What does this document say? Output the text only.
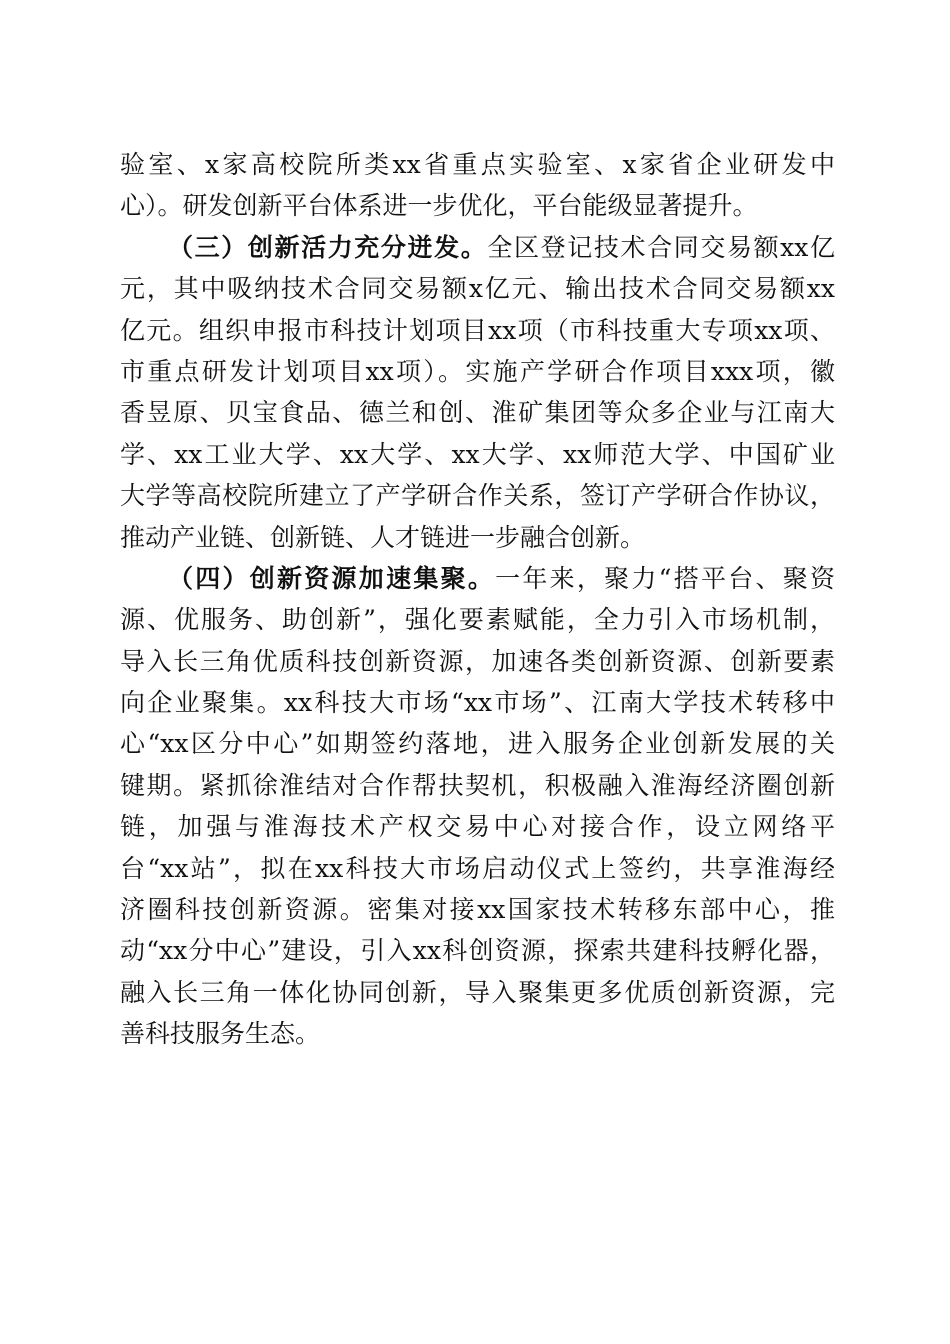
验室、x家高校院所类xx省重点实验室、x家省企业研发中
心）。研发创新平台体系进一步优化，平台能级显著提升。
（三）创新活力充分迸发。全区登记技术合同交易额xx亿
元，其中吸纳技术合同交易额x亿元、输出技术合同交易额xx
亿元。组织申报市科技计划项目xx项（市科技重大专项xx项、
市重点研发计划项目xx项）。实施产学研合作项目xxx项，徽
香昱原、贝宝食品、德兰和创、淮矿集团等众多企业与江南大
学、xx工业大学、xx大学、xx大学、xx师范大学、中国矿业
大学等高校院所建立了产学研合作关系，签订产学研合作协议，
推动产业链、创新链、人才链进一步融合创新。
（四）创新资源加速集聚。一年来，聚力“搭平台、聚资
源、优服务、助创新”，强化要素赋能，全力引入市场机制，
导入长三角优质科技创新资源，加速各类创新资源、创新要素
向企业聚集。xx科技大市场“xx市场”、江南大学技术转移中
心“xx区分中心”如期签约落地，进入服务企业创新发展的关
键期。紧抓徐淮结对合作帮扶契机，积极融入淮海经济圈创新
链，加强与淮海技术产权交易中心对接合作，设立网络平
台“xx站”，拟在xx科技大市场启动仪式上签约，共享淮海经
济圈科技创新资源。密集对接xx国家技术转移东部中心，推
动“xx分中心”建设，引入xx科创资源，探索共建科技孵化器，
融入长三角一体化协同创新，导入聚集更多优质创新资源，完
善科技服务生态。
